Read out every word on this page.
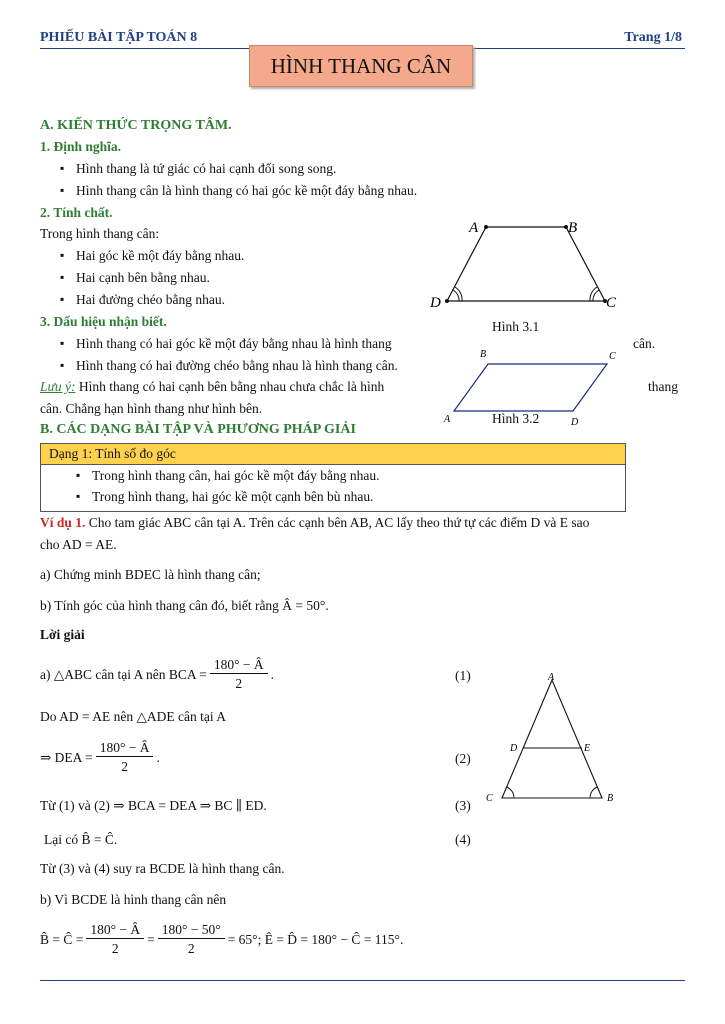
PHIẾU BÀI TẬP TOÁN 8	Trang 1/8
HÌNH THANG CÂN
A. KIẾN THỨC TRỌNG TÂM.
1. Định nghĩa.
▪ Hình thang là tứ giác có hai cạnh đối song song.
▪ Hình thang cân là hình thang có hai góc kề một đáy bằng nhau.
2. Tính chất.
Trong hình thang cân:
▪ Hai góc kề một đáy bằng nhau.
▪ Hai cạnh bên bằng nhau.
▪ Hai đường chéo bằng nhau.
3. Dấu hiệu nhận biết.
▪ Hình thang có hai góc kề một đáy bằng nhau là hình thang	cân.
▪ Hình thang có hai đường chéo bằng nhau là hình thang cân.
Lưu ý: Hình thang có hai cạnh bên bằng nhau chưa chắc là hình	thang
cân. Chẳng hạn hình thang như hình bên.
A	B
C
D
Hình 3.1
B	C
A	D
Hình 3.2
B. CÁC DẠNG BÀI TẬP VÀ PHƯƠNG PHÁP GIẢI
Dạng 1: Tính số đo góc
▪ Trong hình thang cân, hai góc kề một đáy bằng nhau.
▪ Trong hình thang, hai góc kề một cạnh bên bù nhau.
Ví dụ 1. Cho tam giác ABC cân tại A. Trên các cạnh bên AB, AC lấy theo thứ tự các điểm D và E sao
cho AD = AE.
a) Chứng minh BDEC là hình thang cân;
b) Tính góc của hình thang cân đó, biết rằng Â = 50°.
Lời giải
a) △ABC cân tại A nên BCA = $\frac{180^\circ - Â}{2}$ .	(1)
Do AD = AE nên △ADE cân tại A
⇒ DEA = $\frac{180^\circ - Â}{2}$ .	(2)
Từ (1) và (2) ⇒ BCA = DEA ⇒ BC ∥ ED.	(3)
Lại có B̂ = Ĉ.	(4)
Từ (3) và (4) suy ra BCDE là hình thang cân.
b) Vì BCDE là hình thang cân nên
B̂ = Ĉ = $\frac{180^\circ - Â}{2} = \frac{180^\circ - 50^\circ}{2} = 65^\circ$; Ê = D̂ = 180° − Ĉ = 115°.
A
D	E
C	B
